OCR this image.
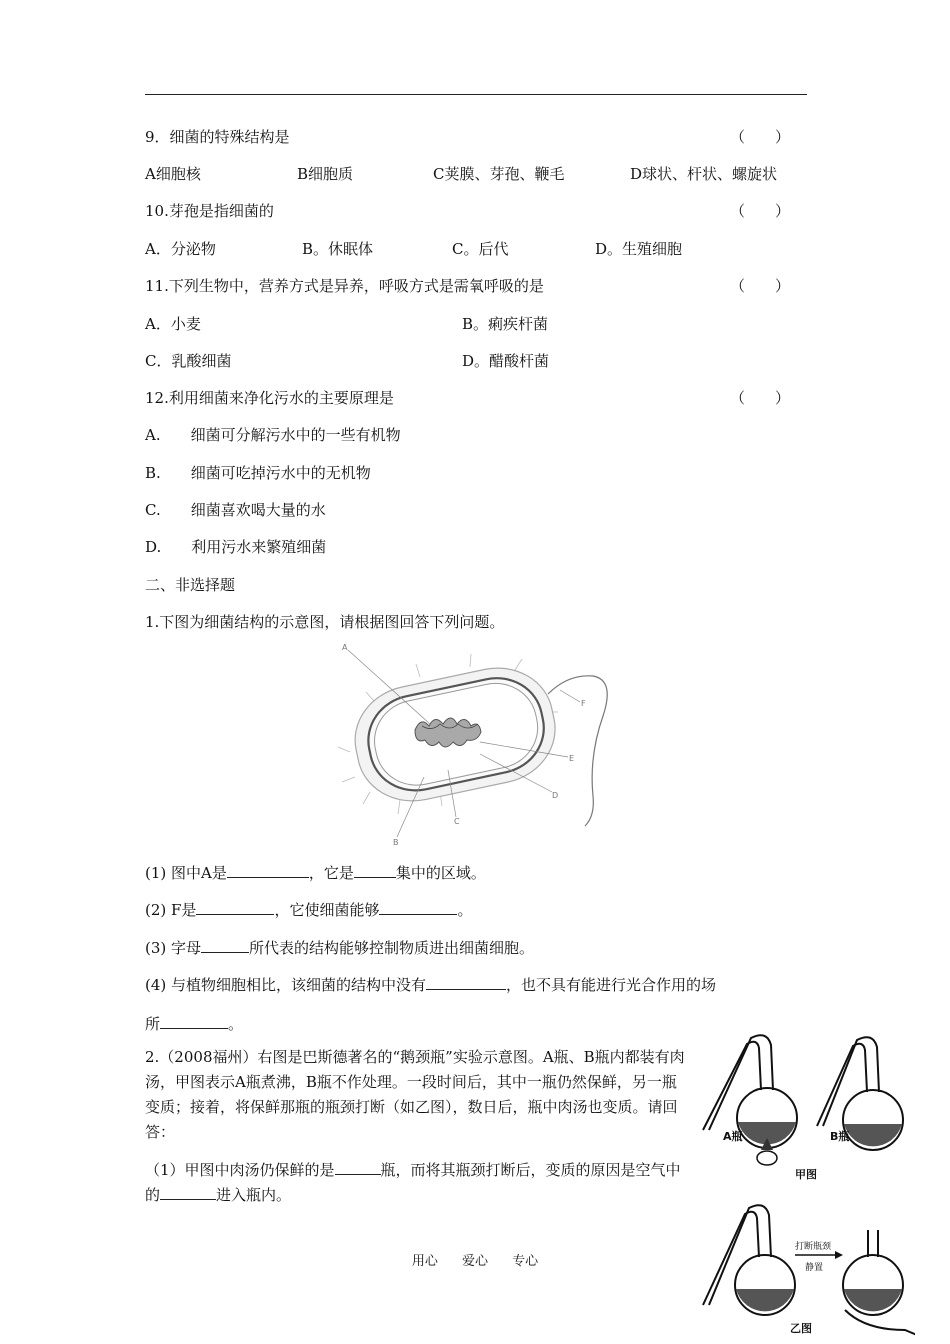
9．细菌的特殊结构是	（　　）
A细胞核	B细胞质	C荚膜、芽孢、鞭毛	D球状、杆状、螺旋状
10.芽孢是指细菌的	（　　）
A．分泌物	B。休眠体	C。后代	D。生殖细胞
11.下列生物中，营养方式是异养，呼吸方式是需氧呼吸的是	（　　）
A．小麦	B。痢疾杆菌
C．乳酸细菌	D。醋酸杆菌
12.利用细菌来净化污水的主要原理是	（　　）
A.　　细菌可分解污水中的一些有机物
B.　　细菌可吃掉污水中的无机物
C.　　细菌喜欢喝大量的水
D.　　利用污水来繁殖细菌
二、非选择题
1.下图为细菌结构的示意图，请根据图回答下列问题。
A
F
E
D
C
B
(1) 图中A是	，它是	集中的区域。
(2) F是	，它使细菌能够	。
(3) 字母	所代表的结构能够控制物质进出细菌细胞。
(4) 与植物细胞相比，该细菌的结构中没有	，也不具有能进行光合作用的场
所	。
2.（2008福州）右图是巴斯德著名的“鹅颈瓶”实验示意图。A瓶、B瓶内都装有肉汤，甲图表示A瓶煮沸，B瓶不作处理。一段时间后，其中一瓶仍然保鲜，另一瓶变质；接着，将保鲜那瓶的瓶颈打断（如乙图），数日后，瓶中肉汤也变质。请回答：
（1）甲图中肉汤仍保鲜的是	瓶，而将其瓶颈打断后，变质的原因是空气中的	进入瓶内。
A瓶	B瓶
甲图
打断瓶颈
静置
乙图
用心 爱心 专心
